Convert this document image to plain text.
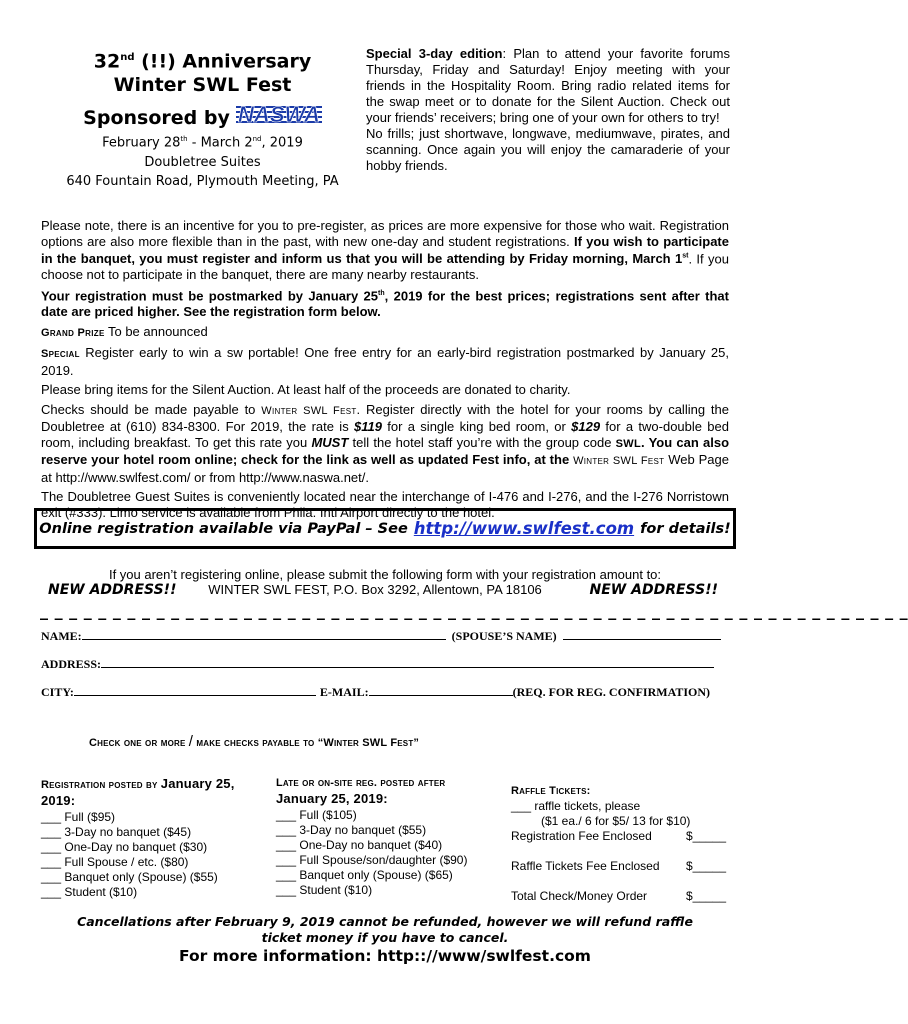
32nd (!!) Anniversary
Winter SWL Fest
Sponsored by NASWA
February 28th - March 2nd, 2019
Doubletree Suites
640 Fountain Road, Plymouth Meeting, PA

Special 3-day edition: Plan to attend your favorite forums Thursday, Friday and Saturday! Enjoy meeting with your friends in the Hospitality Room. Bring radio related items for the swap meet or to donate for the Silent Auction. Check out your friends’ receivers; bring one of your own for others to try!

No frills; just shortwave, longwave, mediumwave, pirates, and scanning. Once again you will enjoy the camaraderie of your hobby friends.

Please note, there is an incentive for you to pre-register, as prices are more expensive for those who wait. Registration options are also more flexible than in the past, with new one-day and student registrations. If you wish to participate in the banquet, you must register and inform us that you will be attending by Friday morning, March 1st. If you choose not to participate in the banquet, there are many nearby restaurants.

Your registration must be postmarked by January 25th, 2019 for the best prices; registrations sent after that date are priced higher. See the registration form below.

Grand Prize To be announced

Special Register early to win a sw portable! One free entry for an early-bird registration postmarked by January 25, 2019.

Please bring items for the Silent Auction. At least half of the proceeds are donated to charity.

Checks should be made payable to Winter SWL Fest. Register directly with the hotel for your rooms by calling the Doubletree at (610) 834-8300. For 2019, the rate is $119 for a single king bed room, or $129 for a two-double bed room, including breakfast. To get this rate you MUST tell the hotel staff you’re with the group code SWL. You can also reserve your hotel room online; check for the link as well as updated Fest info, at the Winter SWL Fest Web Page at http://www.swlfest.com/ or from http://www.naswa.net/.

The Doubletree Guest Suites is conveniently located near the interchange of I-476 and I-276, and the I-276 Norristown exit (#333). Limo service is available from Phila. Intl Airport directly to the hotel.

Online registration available via PayPal – See http://www.swlfest.com for details!
If you aren’t registering online, please submit the following form with your registration amount to:
NEW ADDRESS!! WINTER SWL FEST, P.O. Box 3292, Allentown, PA 18106	NEW ADDRESS!!
_ _ _ _ _ _ _ _ _ _ _ _ _ _ _ _ _ _ _ _ _ _ _ _ _ _ _ _ _ _ _ _ _ _ _ _ _ _ _ _ _ _ _ _ _ _ _ _ _ _ _ _ _ _ _ _ _ _ _ _
NAME:	(SPOUSE’S NAME)
ADDRESS:
CITY:	E-MAIL:	(REQ. FOR REG. CONFIRMATION)
Check one or more / make checks payable to “Winter SWL Fest”
Registration posted by January 25,
2019:
___ Full ($95)
___ 3-Day no banquet ($45)
___ One-Day no banquet ($30)
___ Full Spouse / etc. ($80)
___ Banquet only (Spouse) ($55)
___ Student ($10)
Late or on-site reg. posted after
January 25, 2019:
___ Full ($105)
___ 3-Day no banquet ($55)
___ One-Day no banquet ($40)
___ Full Spouse/son/daughter ($90)
___ Banquet only (Spouse) ($65)
___ Student ($10)
Raffle Tickets:
___ raffle tickets, please
($1 ea./ 6 for $5/ 13 for $10)
Registration Fee Enclosed	$_____
Raffle Tickets Fee Enclosed $_____
Total Check/Money Order	$_____
Cancellations after February 9, 2019 cannot be refunded, however we will refund raffle
ticket money if you have to cancel.
For more information: http:://www/swlfest.com
